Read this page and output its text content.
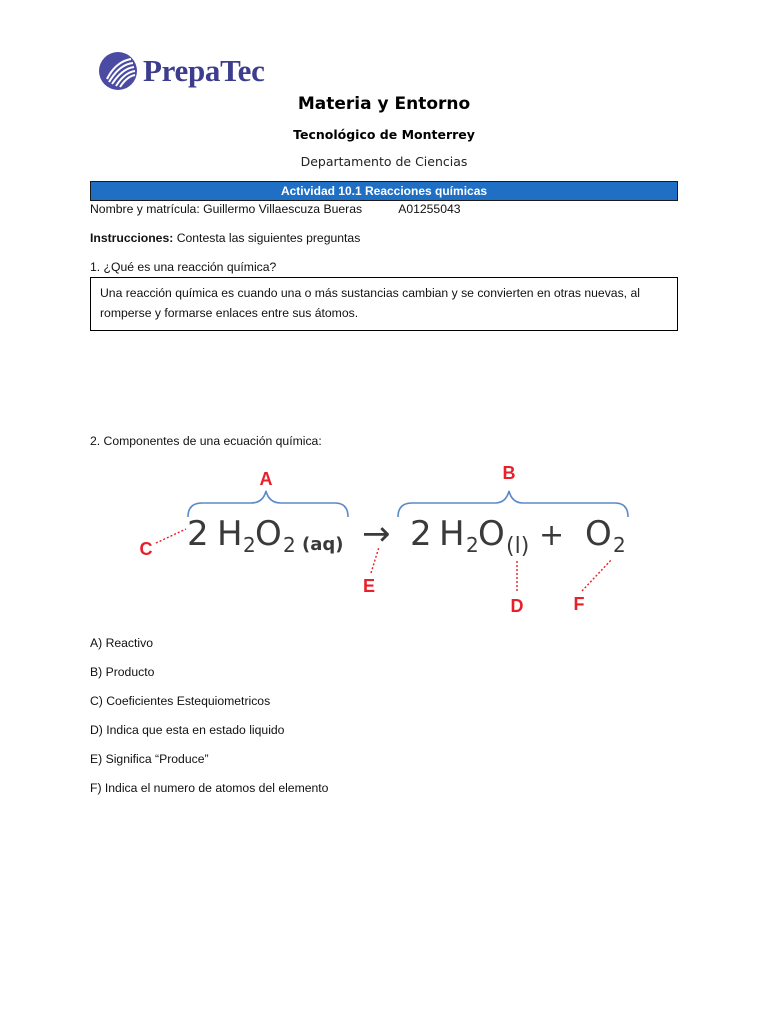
PrepaTec
Materia y Entorno
Tecnológico de Monterrey
Departamento de Ciencias
Actividad 10.1 Reacciones químicas
Nombre y matrícula: Guillermo Villaescuza Bueras	A01255043
Instrucciones: Contesta las siguientes preguntas
1. ¿Qué es una reacción química?
Una reacción química es cuando una o más sustancias cambian y se convierten en otras nuevas, al romperse y formarse enlaces entre sus átomos.
2. Componentes de una ecuación química:
A	B
C
E
D	F
2 H 2 O 2 (aq) → 2 H 2 O (l) + O 2
A) Reactivo
B) Producto
C) Coeficientes Estequiometricos
D) Indica que esta en estado liquido
E) Significa “Produce”
F) Indica el numero de atomos del elemento
